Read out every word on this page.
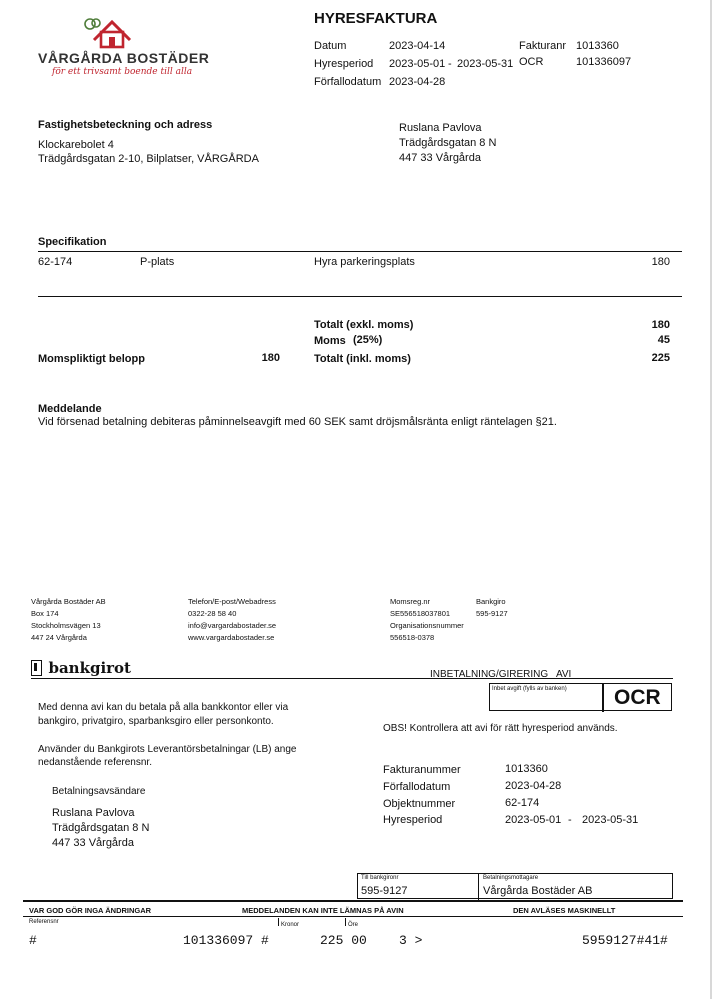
VÅRGÅRDA BOSTÄDER
för ett trivsamt boende till alla
HYRESFAKTURA
Datum	2023-04-14
Hyresperiod 2023-05-01 - 2023-05-31
Förfallodatum 2023-04-28
Fakturanr 1013360
OCR	101336097
Fastighetsbeteckning och adress
Klockarebolet 4
Trädgårdsgatan 2-10, Bilplatser, VÅRGÅRDA
Ruslana Pavlova
Trädgårdsgatan 8 N
447 33 Vårgårda
Specifikation
62-174	P-plats	Hyra parkeringsplats	180
Totalt (exkl. moms)	180
Moms (25%)	45
Totalt (inkl. moms)	225
Momspliktigt belopp	180
Meddelande
Vid försenad betalning debiteras påminnelseavgift med 60 SEK samt dröjsmålsränta enligt räntelagen §21.
Vårgårda Bostäder AB
Box 174
Stockholmsvägen 13
447 24 Vårgårda
Telefon/E-post/Webadress
0322-28 58 40
info@vargardabostader.se
www.vargardabostader.se
Momsreg.nr
SE556518037801
Organisationsnummer
556518-0378
Bankgiro
595-9127
bankgirot	INBETALNING/GIRERING   AVI
Inbet avgift (fylls av banken) OCR
Med denna avi kan du betala på alla bankkontor eller via
bankgiro, privatgiro, sparbanksgiro eller personkonto.
Använder du Bankgirots Leverantörsbetalningar (LB) ange
nedanstående referensnr.
OBS! Kontrollera att avi för rätt hyresperiod används.
Betalningsavsändare
Ruslana Pavlova
Trädgårdsgatan 8 N
447 33 Vårgårda
Fakturanummer	1013360
Förfallodatum	2023-04-28
Objektnummer	62-174
Hyresperiod	2023-05-01 - 2023-05-31
Till bankgironr
595-9127
Betalningsmottagare
Vårgårda Bostäder AB
VAR GOD GÖR INGA ÄNDRINGAR	MEDDELANDEN KAN INTE LÄMNAS PÅ AVIN	DEN AVLÄSES MASKINELLT
Referensnr	Kronor	Öre
#	101336097 #	225 00 3 >	5959127#41#
